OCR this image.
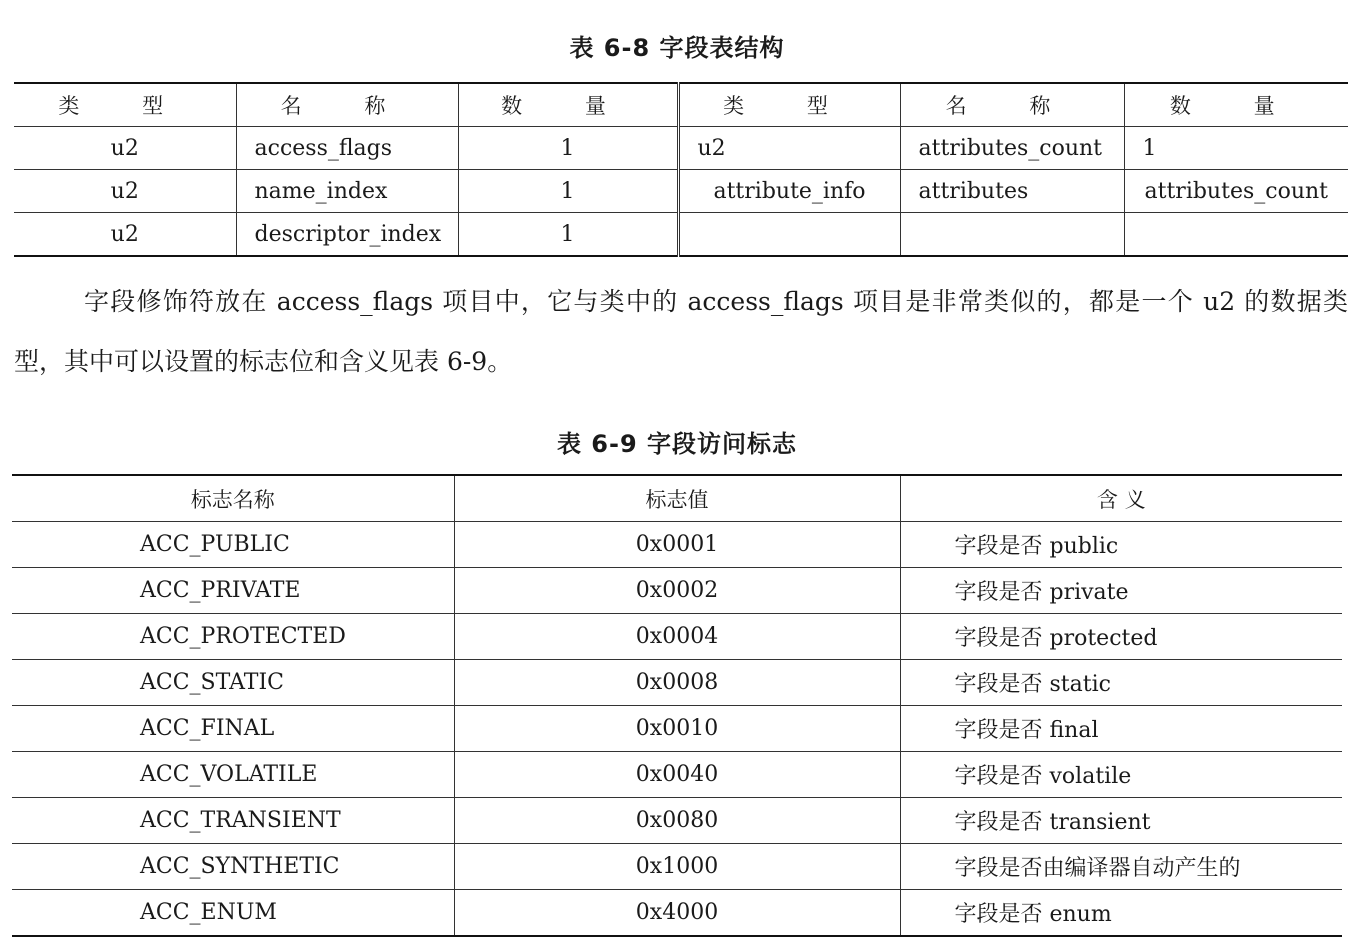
表 6-8 字段表结构
类 型	名 称	数 量	类 型	名 称	数 量
u2	access_flags	1	u2	attributes_count	1
u2	name_index	1	attribute_info	attributes	attributes_count
u2	descriptor_index	1			
字段修饰符放在 access_flags 项目中，它与类中的 access_flags 项目是非常类似的，都是一个 u2 的数据类型，其中可以设置的标志位和含义见表 6-9。
表 6-9 字段访问标志
标志名称	标志值	含 义
ACC_PUBLIC	0x0001	字段是否 public
ACC_PRIVATE	0x0002	字段是否 private
ACC_PROTECTED	0x0004	字段是否 protected
ACC_STATIC	0x0008	字段是否 static
ACC_FINAL	0x0010	字段是否 final
ACC_VOLATILE	0x0040	字段是否 volatile
ACC_TRANSIENT	0x0080	字段是否 transient
ACC_SYNTHETIC	0x1000	字段是否由编译器自动产生的
ACC_ENUM	0x4000	字段是否 enum
